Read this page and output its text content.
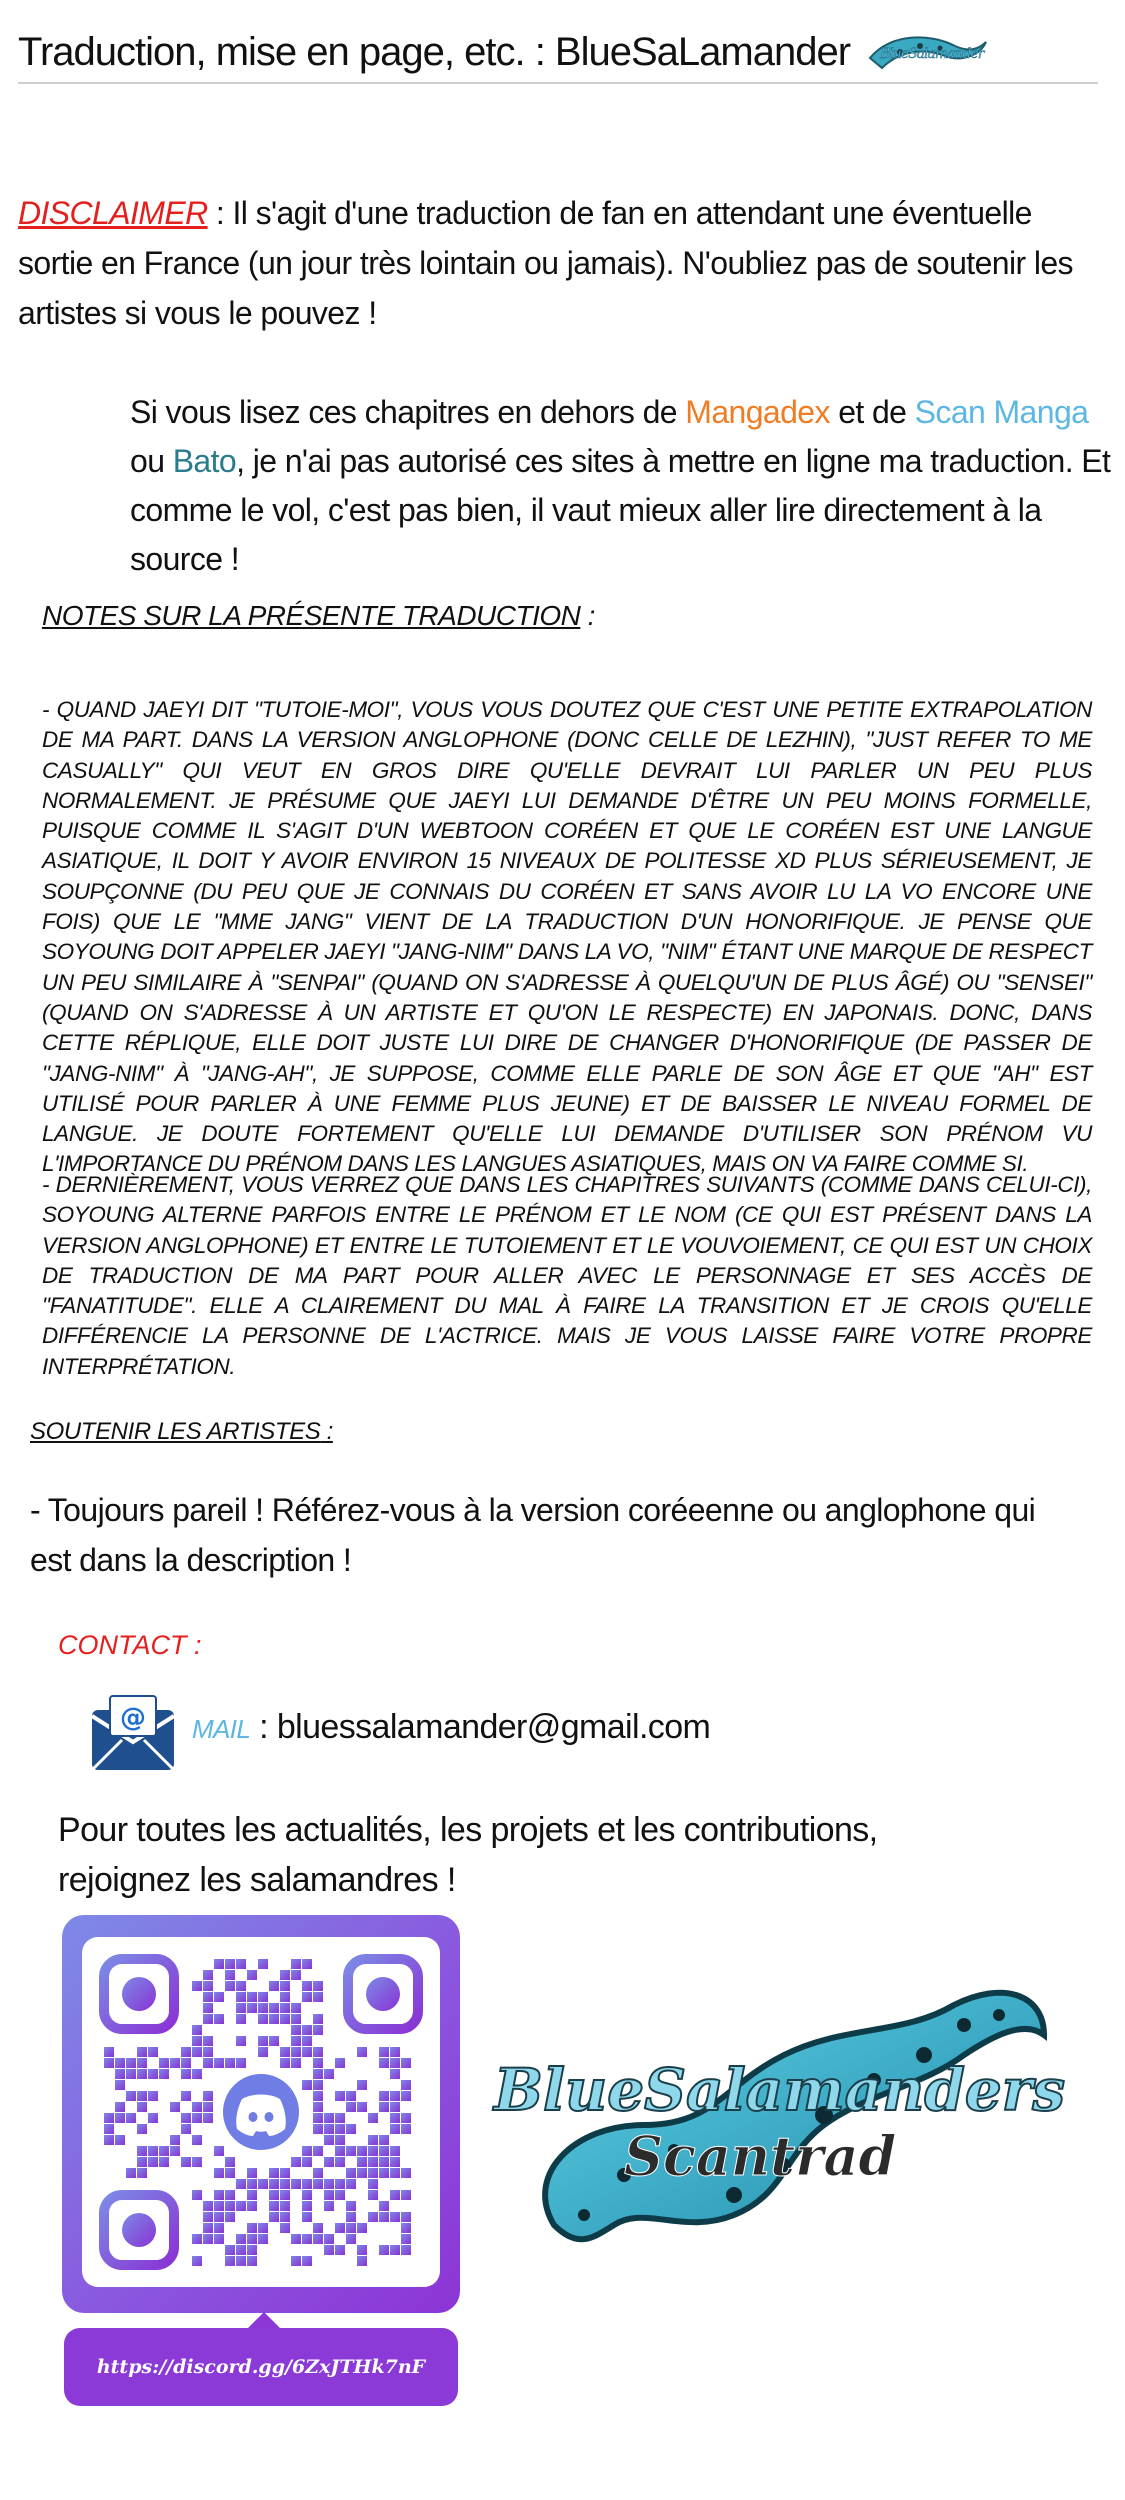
Traduction, mise en page, etc. : BlueSaLamander BlueSalamander
DISCLAIMER : Il s'agit d'une traduction de fan en attendant une éventuelle sortie en France (un jour très lointain ou jamais). N'oubliez pas de soutenir les artistes si vous le pouvez !
Si vous lisez ces chapitres en dehors de Mangadex et de Scan Manga ou Bato, je n'ai pas autorisé ces sites à mettre en ligne ma traduction. Et comme le vol, c'est pas bien, il vaut mieux aller lire directement à la source !
NOTES SUR LA PRÉSENTE TRADUCTION :
- QUAND JAEYI DIT "TUTOIE-MOI", VOUS VOUS DOUTEZ QUE C'EST UNE PETITE EXTRAPOLATION DE MA PART. DANS LA VERSION ANGLOPHONE (DONC CELLE DE LEZHIN), "JUST REFER TO ME CASUALLY" QUI VEUT EN GROS DIRE QU'ELLE DEVRAIT LUI PARLER UN PEU PLUS NORMALEMENT. JE PRÉSUME QUE JAEYI LUI DEMANDE D'ÊTRE UN PEU MOINS FORMELLE, PUISQUE COMME IL S'AGIT D'UN WEBTOON CORÉEN ET QUE LE CORÉEN EST UNE LANGUE ASIATIQUE, IL DOIT Y AVOIR ENVIRON 15 NIVEAUX DE POLITESSE XD PLUS SÉRIEUSEMENT, JE SOUPÇONNE (DU PEU QUE JE CONNAIS DU CORÉEN ET SANS AVOIR LU LA VO ENCORE UNE FOIS) QUE LE "MME JANG" VIENT DE LA TRADUCTION D'UN HONORIFIQUE. JE PENSE QUE SOYOUNG DOIT APPELER JAEYI "JANG-NIM" DANS LA VO, "NIM" ÉTANT UNE MARQUE DE RESPECT UN PEU SIMILAIRE À "SENPAI" (QUAND ON S'ADRESSE À QUELQU'UN DE PLUS ÂGÉ) OU "SENSEI" (QUAND ON S'ADRESSE À UN ARTISTE ET QU'ON LE RESPECTE) EN JAPONAIS. DONC, DANS CETTE RÉPLIQUE, ELLE DOIT JUSTE LUI DIRE DE CHANGER D'HONORIFIQUE (DE PASSER DE "JANG-NIM" À "JANG-AH", JE SUPPOSE, COMME ELLE PARLE DE SON ÂGE ET QUE "AH" EST UTILISÉ POUR PARLER À UNE FEMME PLUS JEUNE) ET DE BAISSER LE NIVEAU FORMEL DE LANGUE. JE DOUTE FORTEMENT QU'ELLE LUI DEMANDE D'UTILISER SON PRÉNOM VU L'IMPORTANCE DU PRÉNOM DANS LES LANGUES ASIATIQUES, MAIS ON VA FAIRE COMME SI.
- DERNIÈREMENT, VOUS VERREZ QUE DANS LES CHAPITRES SUIVANTS (COMME DANS CELUI-CI), SOYOUNG ALTERNE PARFOIS ENTRE LE PRÉNOM ET LE NOM (CE QUI EST PRÉSENT DANS LA VERSION ANGLOPHONE) ET ENTRE LE TUTOIEMENT ET LE VOUVOIEMENT, CE QUI EST UN CHOIX DE TRADUCTION DE MA PART POUR ALLER AVEC LE PERSONNAGE ET SES ACCÈS DE "FANATITUDE". ELLE A CLAIREMENT DU MAL À FAIRE LA TRANSITION ET JE CROIS QU'ELLE DIFFÉRENCIE LA PERSONNE DE L'ACTRICE. MAIS JE VOUS LAISSE FAIRE VOTRE PROPRE INTERPRÉTATION.
SOUTENIR LES ARTISTES :
- Toujours pareil ! Référez-vous à la version coréeenne ou anglophone qui est dans la description !
CONTACT :
@ MAIL : bluessalamander@gmail.com
Pour toutes les actualités, les projets et les contributions, rejoignez les salamandres !
https://discord.gg/6ZxJTHk7nF
BlueSalamanders
Scantrad
